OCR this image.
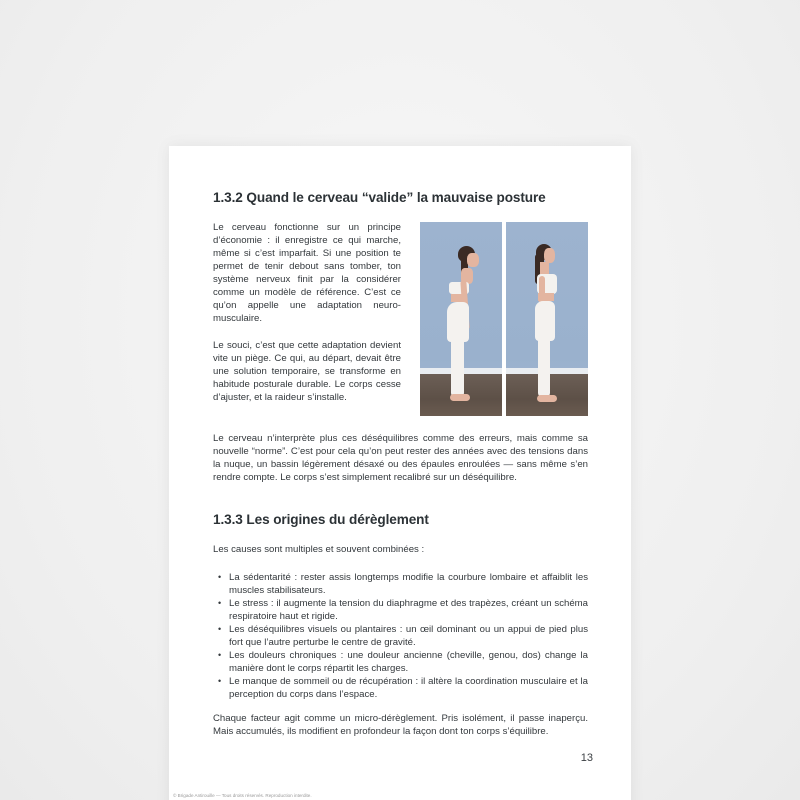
1.3.2 Quand le cerveau “valide” la mauvaise posture

Le cerveau fonctionne sur un principe d’économie : il enregistre ce qui marche, même si c’est imparfait. Si une position te permet de tenir debout sans tomber, ton système nerveux finit par la considérer comme un modèle de référence. C’est ce qu’on appelle une adaptation neuro-musculaire.

Le souci, c’est que cette adaptation devient vite un piège. Ce qui, au départ, devait être une solution temporaire, se transforme en habitude posturale durable. Le corps cesse d’ajuster, et la raideur s’installe.

Le cerveau n’interprète plus ces déséquilibres comme des erreurs, mais comme sa nouvelle “norme”. C’est pour cela qu’on peut rester des années avec des tensions dans la nuque, un bassin légèrement désaxé ou des épaules enroulées — sans même s’en rendre compte. Le corps s’est simplement recalibré sur un déséquilibre.

1.3.3 Les origines du dérèglement

Les causes sont multiples et souvent combinées :

• La sédentarité : rester assis longtemps modifie la courbure lombaire et affaiblit les muscles stabilisateurs.
• Le stress : il augmente la tension du diaphragme et des trapèzes, créant un schéma respiratoire haut et rigide.
• Les déséquilibres visuels ou plantaires : un œil dominant ou un appui de pied plus fort que l’autre perturbe le centre de gravité.
• Les douleurs chroniques : une douleur ancienne (cheville, genou, dos) change la manière dont le corps répartit les charges.
• Le manque de sommeil ou de récupération : il altère la coordination musculaire et la perception du corps dans l’espace.

Chaque facteur agit comme un micro-dérèglement. Pris isolément, il passe inaperçu. Mais accumulés, ils modifient en profondeur la façon dont ton corps s’équilibre.

13
© Brigade Antirouille — Tous droits réservés. Reproduction interdite.
